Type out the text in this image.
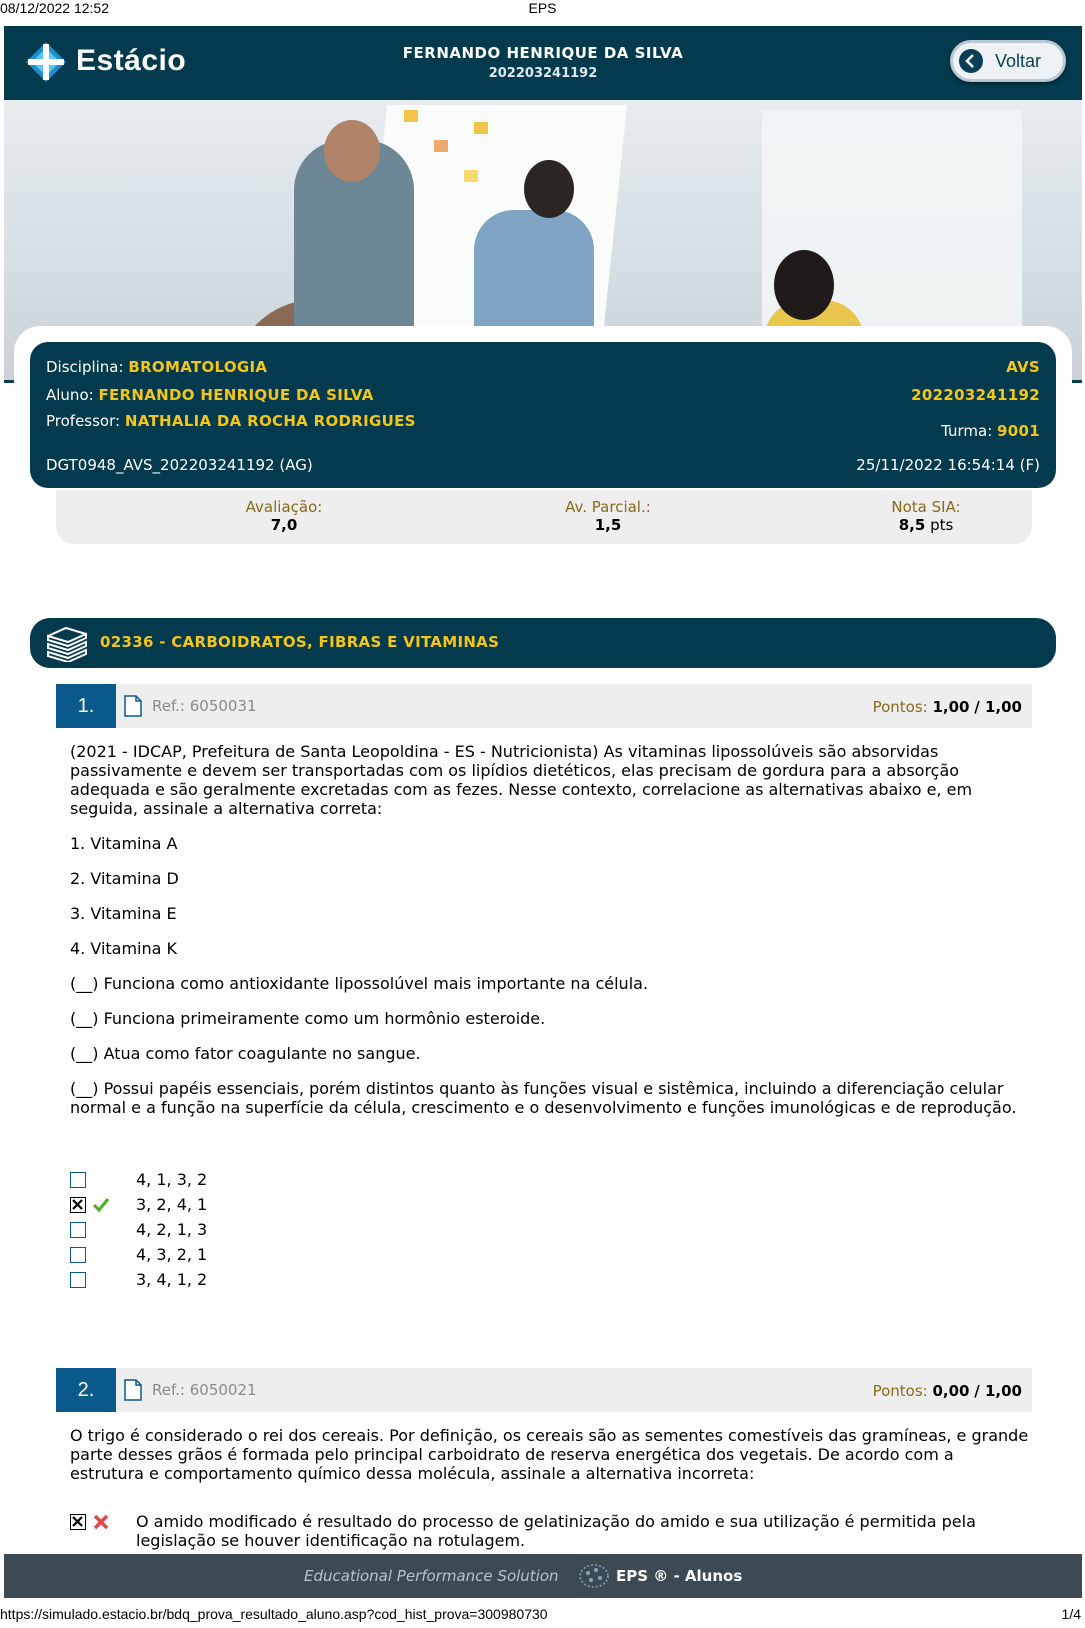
08/12/2022 12:52	EPS
Estácio	FERNANDO HENRIQUE DA SILVA
202203241192
Voltar
Disciplina: BROMATOLOGIA	AVS
Aluno: FERNANDO HENRIQUE DA SILVA	202203241192
Professor: NATHALIA DA ROCHA RODRIGUES
Turma: 9001
DGT0948_AVS_202203241192 (AG)	25/11/2022 16:54:14 (F)
Avaliação:
7,0
Av. Parcial.:
1,5
Nota SIA:
8,5 pts
02336 - CARBOIDRATOS, FIBRAS E VITAMINAS
1.	Ref.: 6050031	Pontos: 1,00 / 1,00

(2021 - IDCAP, Prefeitura de Santa Leopoldina - ES - Nutricionista) As vitaminas lipossolúveis são absorvidas passivamente e devem ser transportadas com os lipídios dietéticos, elas precisam de gordura para a absorção adequada e são geralmente excretadas com as fezes. Nesse contexto, correlacione as alternativas abaixo e, em seguida, assinale a alternativa correta:

1. Vitamina A

2. Vitamina D

3. Vitamina E

4. Vitamina K

(__) Funciona como antioxidante lipossolúvel mais importante na célula.

(__) Funciona primeiramente como um hormônio esteroide.

(__) Atua como fator coagulante no sangue.

(__) Possui papéis essenciais, porém distintos quanto às funções visual e sistêmica, incluindo a diferenciação celular normal e a função na superfície da célula, crescimento e o desenvolvimento e funções imunológicas e de reprodução.

4, 1, 3, 2
3, 2, 4, 1
4, 2, 1, 3
4, 3, 2, 1
3, 4, 1, 2
2.	Ref.: 6050021	Pontos: 0,00 / 1,00

O trigo é considerado o rei dos cereais. Por definição, os cereais são as sementes comestíveis das gramíneas, e grande parte desses grãos é formada pelo principal carboidrato de reserva energética dos vegetais. De acordo com a estrutura e comportamento químico dessa molécula, assinale a alternativa incorreta:

O amido modificado é resultado do processo de gelatinização do amido e sua utilização é permitida pela legislação se houver identificação na rotulagem.
Educational Performance Solution	EPS ® - Alunos
https://simulado.estacio.br/bdq_prova_resultado_aluno.asp?cod_hist_prova=300980730	1/4
